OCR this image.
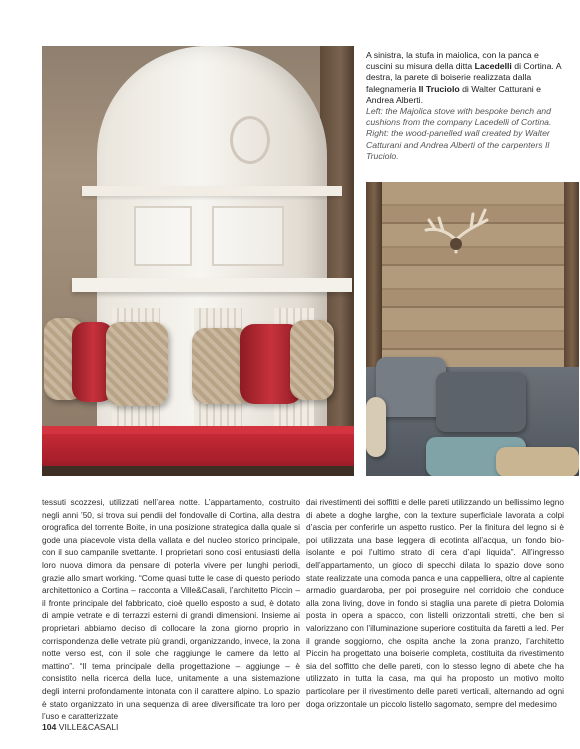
A sinistra, la stufa in maiolica, con la panca e cuscini su misura della ditta Lacedelli di Cortina. A destra, la parete di boiserie realizzata dalla falegnameria Il Truciolo di Walter Catturani e Andrea Alberti.
Left: the Majolica stove with bespoke bench and cushions from the company Lacedelli of Cortina. Right: the wood-panelled wall created by Walter Catturani and Andrea Alberti of the carpenters Il Truciolo.
tessuti scozzesi, utilizzati nell’area notte. L’appartamento, costruito negli anni ’50, si trova sui pendii del fondovalle di Cortina, alla destra orografica del torrente Boite, in una posizione strategica dalla quale si gode una piacevole vista della vallata e del nucleo storico principale, con il suo campanile svettante. I proprietari sono così entusiasti della loro nuova dimora da pensare di poterla vivere per lunghi periodi, grazie allo smart working. “Come quasi tutte le case di questo periodo architettonico a Cortina – racconta a Ville&Casali, l’architetto Piccin – il fronte principale del fabbricato, cioè quello esposto a sud, è dotato di ampie vetrate e di terrazzi esterni di grandi dimensioni. Insieme ai proprietari abbiamo deciso di collocare la zona giorno proprio in corrispondenza delle vetrate più grandi, organizzando, invece, la zona notte verso est, con il sole che raggiunge le camere da letto al mattino”. “Il tema principale della progettazione – aggiunge – è consistito nella ricerca della luce, unitamente a una sistemazione degli interni profondamente intonata con il carattere alpino. Lo spazio è stato organizzato in una sequenza di aree diversificate tra loro per l’uso e caratterizzate
dai rivestimenti dei soffitti e delle pareti utilizzando un bellissimo legno di abete a doghe larghe, con la texture superficiale lavorata a colpi d’ascia per conferirle un aspetto rustico. Per la finitura del legno si è poi utilizzata una base leggera di ecotinta all’acqua, un fondo bio-isolante e poi l’ultimo strato di cera d’api liquida”. All’ingresso dell’appartamento, un gioco di specchi dilata lo spazio dove sono state realizzate una comoda panca e una cappelliera, oltre al capiente armadio guardaroba, per poi proseguire nel corridoio che conduce alla zona living, dove in fondo si staglia una parete di pietra Dolomia posta in opera a spacco, con listelli orizzontali stretti, che ben si valorizzano con l’illuminazione superiore costituita da faretti a led. Per il grande soggiorno, che ospita anche la zona pranzo, l’architetto Piccin ha progettato una boiserie completa, costituita da rivestimento sia del soffitto che delle pareti, con lo stesso legno di abete che ha utilizzato in tutta la casa, ma qui ha proposto un motivo molto particolare per il rivestimento delle pareti verticali, alternando ad ogni doga orizzontale un piccolo listello sagomato, sempre del medesimo
104 VILLE&CASALI
